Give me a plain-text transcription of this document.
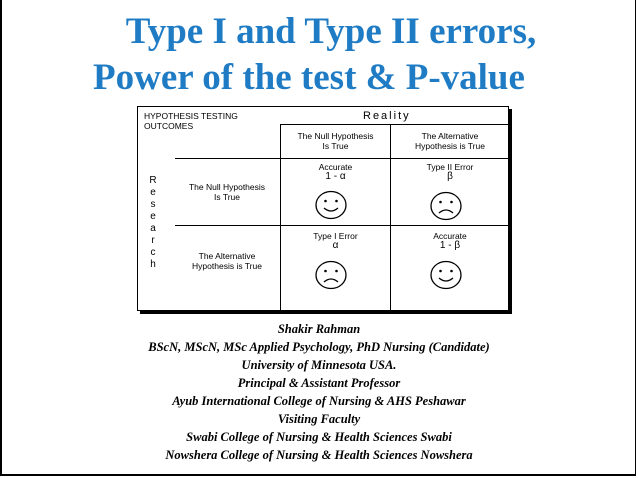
Type I and Type II errors,
Power of the test & P-value
HYPOTHESIS TESTING
OUTCOMES
Reality
R
e
s
e
a
r
c
h
The Null Hypothesis
Is True
The Alternative
Hypothesis is True
The Null Hypothesis
Is True
The Alternative
Hypothesis is True
Accurate
1 - α
Type II Error
β
Type I Error
α
Accurate
1 - β
Shakir Rahman
BScN, MScN, MSc Applied Psychology, PhD Nursing (Candidate)
University of Minnesota USA.
Principal & Assistant Professor
Ayub International College of Nursing & AHS Peshawar
Visiting Faculty
Swabi College of Nursing & Health Sciences Swabi
Nowshera College of Nursing & Health Sciences Nowshera
